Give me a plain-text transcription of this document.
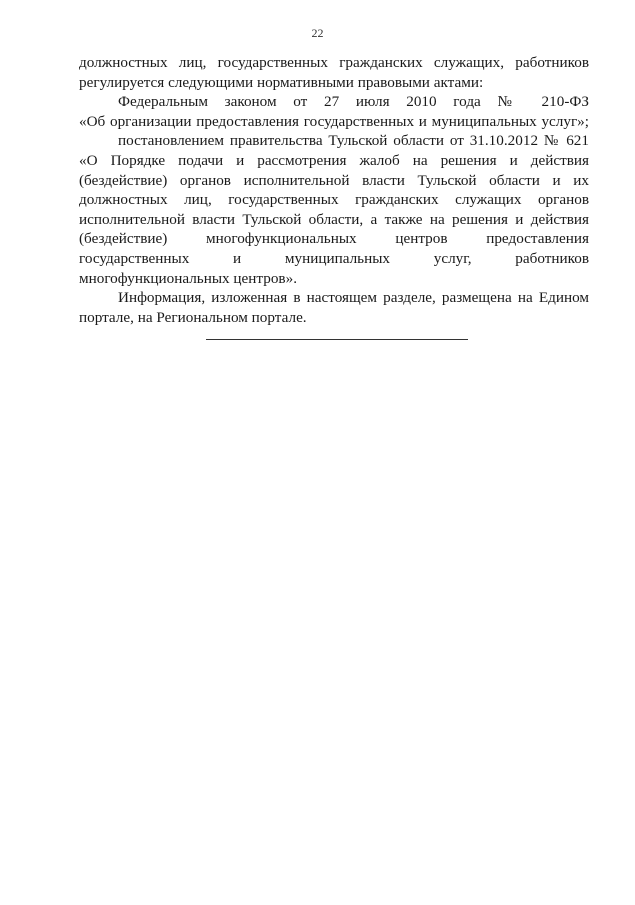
22

должностных лиц, государственных гражданских служащих, работников
регулируется следующими нормативными правовыми актами:

Федеральным законом от 27 июля 2010 года № 210-ФЗ
«Об организации предоставления государственных и муниципальных услуг»;

постановлением правительства Тульской области от 31.10.2012 № 621
«О Порядке подачи и рассмотрения жалоб на решения и действия
(бездействие) органов исполнительной власти Тульской области и их
должностных лиц, государственных гражданских служащих органов
исполнительной власти Тульской области, а также на решения и действия
(бездействие) многофункциональных центров предоставления
государственных и муниципальных услуг, работников
многофункциональных центров».

Информация, изложенная в настоящем разделе, размещена на Едином
портале, на Региональном портале.
